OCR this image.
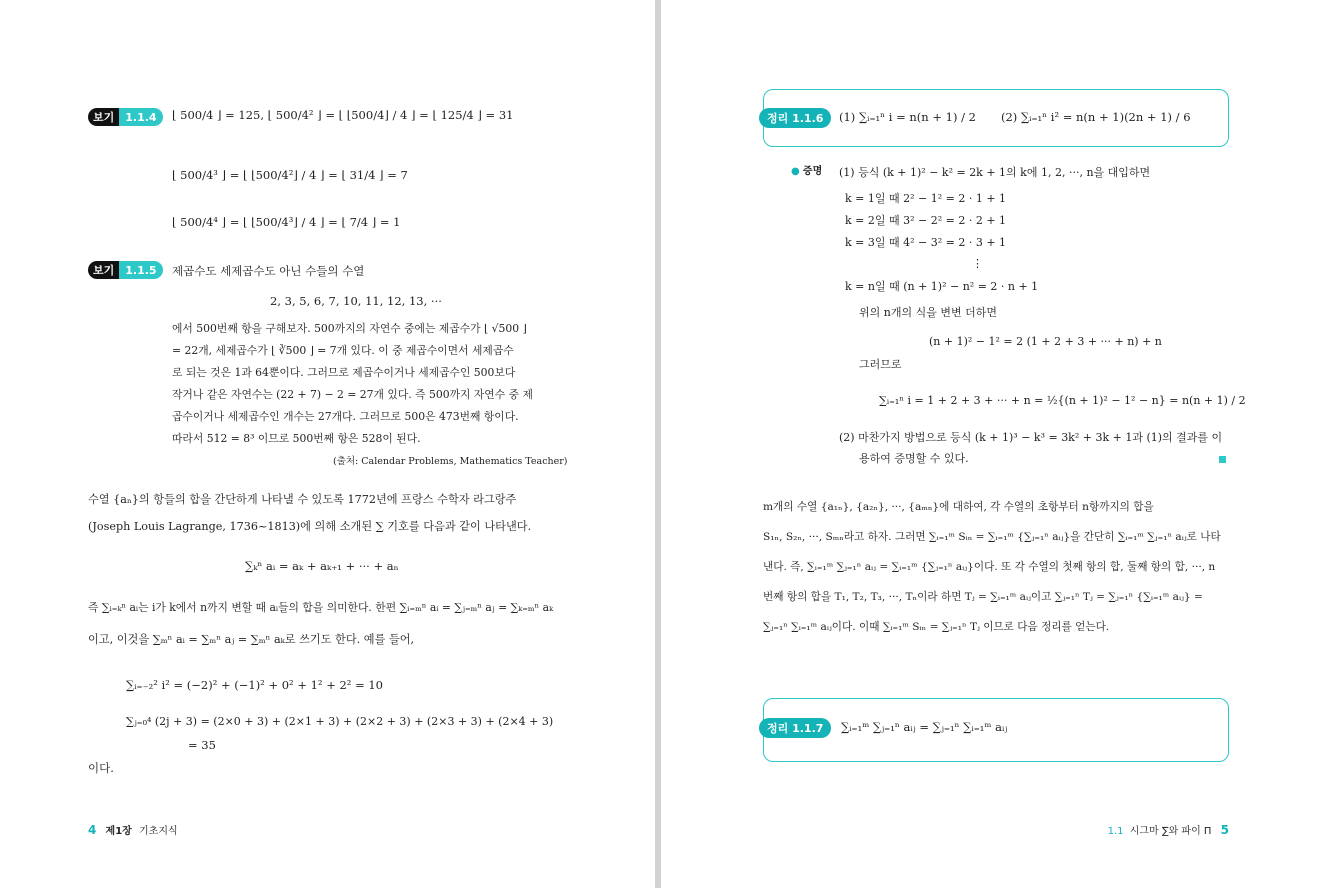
보기	1.1.4	⌊ 500/4 ⌋ = 125, ⌊ 500/4² ⌋ = ⌊ ⌊500/4⌋ / 4 ⌋ = ⌊ 125/4 ⌋ = 31
⌊ 500/4³ ⌋ = ⌊ ⌊500/4²⌋ / 4 ⌋ = ⌊ 31/4 ⌋ = 7
⌊ 500/4⁴ ⌋ = ⌊ ⌊500/4³⌋ / 4 ⌋ = ⌊ 7/4 ⌋ = 1
보기	1.1.5	제곱수도 세제곱수도 아닌 수들의 수열
2, 3, 5, 6, 7, 10, 11, 12, 13, ···
에서 500번째 항을 구해보자. 500까지의 자연수 중에는 제곱수가 ⌊ √500 ⌋
= 22개, 세제곱수가 ⌊ ∛500 ⌋ = 7개 있다. 이 중 제곱수이면서 세제곱수
로 되는 것은 1과 64뿐이다. 그러므로 제곱수이거나 세제곱수인 500보다
작거나 같은 자연수는 (22 + 7) − 2 = 27개 있다. 즉 500까지 자연수 중 제
곱수이거나 세제곱수인 개수는 27개다. 그러므로 500은 473번째 항이다.
따라서 512 = 8³ 이므로 500번째 항은 528이 된다.
(출처: Calendar Problems, Mathematics Teacher)
수열 {aₙ}의 항들의 합을 간단하게 나타낼 수 있도록 1772년에 프랑스 수학자 라그랑주
(Joseph Louis Lagrange, 1736~1813)에 의해 소개된 ∑ 기호를 다음과 같이 나타낸다.
∑ₖⁿ aᵢ = aₖ + aₖ₊₁ + ··· + aₙ
즉 ∑ᵢ₌ₖⁿ aᵢ는 i가 k에서 n까지 변할 때 aᵢ들의 합을 의미한다. 한편 ∑ᵢ₌ₘⁿ aᵢ = ∑ⱼ₌ₘⁿ aⱼ = ∑ₖ₌ₘⁿ aₖ
이고, 이것을 ∑ₘⁿ aᵢ = ∑ₘⁿ aⱼ = ∑ₘⁿ aₖ로 쓰기도 한다. 예를 들어,
∑ᵢ₌₋₂² i² = (−2)² + (−1)² + 0² + 1² + 2² = 10
∑ⱼ₌₀⁴ (2j + 3) = (2×0 + 3) + (2×1 + 3) + (2×2 + 3) + (2×3 + 3) + (2×4 + 3)
= 35
이다.
4 제1장 기초지식
정리 1.1.6	(1) ∑ᵢ₌₁ⁿ i = n(n + 1) / 2 (2) ∑ᵢ₌₁ⁿ i² = n(n + 1)(2n + 1) / 6
● 증명 (1) 등식 (k + 1)² − k² = 2k + 1의 k에 1, 2, ···, n을 대입하면
k = 1일 때 2² − 1² = 2 · 1 + 1
k = 2일 때 3² − 2² = 2 · 2 + 1
k = 3일 때 4² − 3² = 2 · 3 + 1
⋮
k = n일 때 (n + 1)² − n² = 2 · n + 1
위의 n개의 식을 변변 더하면
(n + 1)² − 1² = 2 (1 + 2 + 3 + ··· + n) + n
그러므로
∑ᵢ₌₁ⁿ i = 1 + 2 + 3 + ··· + n = ½{(n + 1)² − 1² − n} = n(n + 1) / 2
(2) 마찬가지 방법으로 등식 (k + 1)³ − k³ = 3k² + 3k + 1과 (1)의 결과를 이
용하여 증명할 수 있다.
m개의 수열 {a₁ₙ}, {a₂ₙ}, ···, {aₘₙ}에 대하여, 각 수열의 초항부터 n항까지의 합을
S₁ₙ, S₂ₙ, ···, Sₘₙ라고 하자. 그러면 ∑ᵢ₌₁ᵐ Sᵢₙ = ∑ᵢ₌₁ᵐ {∑ⱼ₌₁ⁿ aᵢⱼ}을 간단히 ∑ᵢ₌₁ᵐ ∑ⱼ₌₁ⁿ aᵢⱼ로 나타
낸다. 즉, ∑ᵢ₌₁ᵐ ∑ⱼ₌₁ⁿ aᵢⱼ = ∑ᵢ₌₁ᵐ {∑ⱼ₌₁ⁿ aᵢⱼ}이다. 또 각 수열의 첫째 항의 합, 둘째 항의 합, ···, n
번째 항의 합을 T₁, T₂, T₃, ···, Tₙ이라 하면 Tⱼ = ∑ᵢ₌₁ᵐ aᵢⱼ이고 ∑ⱼ₌₁ⁿ Tⱼ = ∑ⱼ₌₁ⁿ {∑ᵢ₌₁ᵐ aᵢⱼ} =
∑ⱼ₌₁ⁿ ∑ᵢ₌₁ᵐ aᵢⱼ이다. 이때 ∑ᵢ₌₁ᵐ Sᵢₙ = ∑ⱼ₌₁ⁿ Tⱼ 이므로 다음 정리를 얻는다.
정리 1.1.7	∑ᵢ₌₁ᵐ ∑ⱼ₌₁ⁿ aᵢⱼ = ∑ⱼ₌₁ⁿ ∑ᵢ₌₁ᵐ aᵢⱼ
1.1 시그마 ∑와 파이 Π 5
